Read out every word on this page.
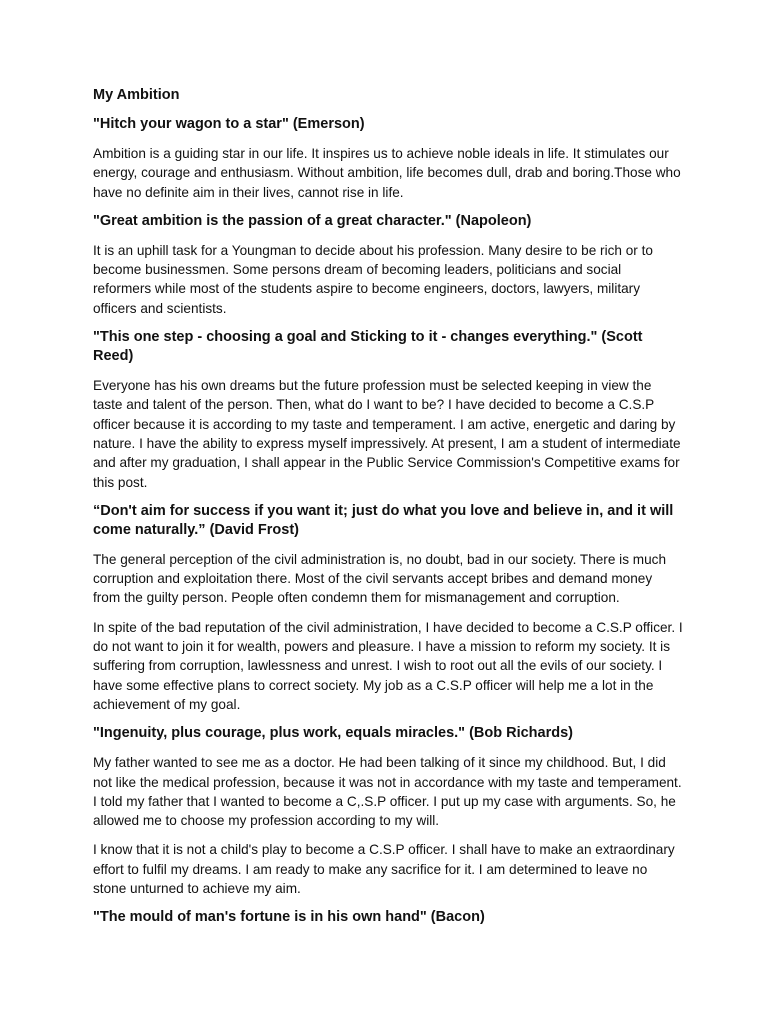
My Ambition

"Hitch your wagon to a star" (Emerson)

Ambition is a guiding star in our life. It inspires us to achieve noble ideals in life. It stimulates our energy, courage and enthusiasm. Without ambition, life becomes dull, drab and boring.Those who have no definite aim in their lives, cannot rise in life.

"Great ambition is the passion of a great character." (Napoleon)

It is an uphill task for a Youngman to decide about his profession. Many desire to be rich or to become businessmen. Some persons dream of becoming leaders, politicians and social reformers while most of the students aspire to become engineers, doctors, lawyers, military officers and scientists.

"This one step - choosing a goal and Sticking to it - changes everything." (Scott Reed)

Everyone has his own dreams but the future profession must be selected keeping in view the taste and talent of the person. Then, what do I want to be? I have decided to become a C.S.P officer because it is according to my taste and temperament. I am active, energetic and daring by nature. I have the ability to express myself impressively. At present, I am a student of intermediate and after my graduation, I shall appear in the Public Service Commission's Competitive exams for this post.

“Don't aim for success if you want it; just do what you love and believe in, and it will come naturally.” (David Frost)

The general perception of the civil administration is, no doubt, bad in our society. There is much corruption and exploitation there. Most of the civil servants accept bribes and demand money from the guilty person. People often condemn them for mismanagement and corruption.

In spite of the bad reputation of the civil administration, I have decided to become a C.S.P officer. I do not want to join it for wealth, powers and pleasure. I have a mission to reform my society. It is suffering from corruption, lawlessness and unrest. I wish to root out all the evils of our society. I have some effective plans to correct society. My job as a C.S.P officer will help me a lot in the achievement of my goal.

"Ingenuity, plus courage, plus work, equals miracles." (Bob Richards)

My father wanted to see me as a doctor. He had been talking of it since my childhood. But, I did not like the medical profession, because it was not in accordance with my taste and temperament. I told my father that I wanted to become a C,.S.P officer. I put up my case with arguments. So, he allowed me to choose my profession according to my will.

I know that it is not a child's play to become a C.S.P officer. I shall have to make an extraordinary effort to fulfil my dreams. I am ready to make any sacrifice for it. I am determined to leave no stone unturned to achieve my aim.

"The mould of man's fortune is in his own hand" (Bacon)
